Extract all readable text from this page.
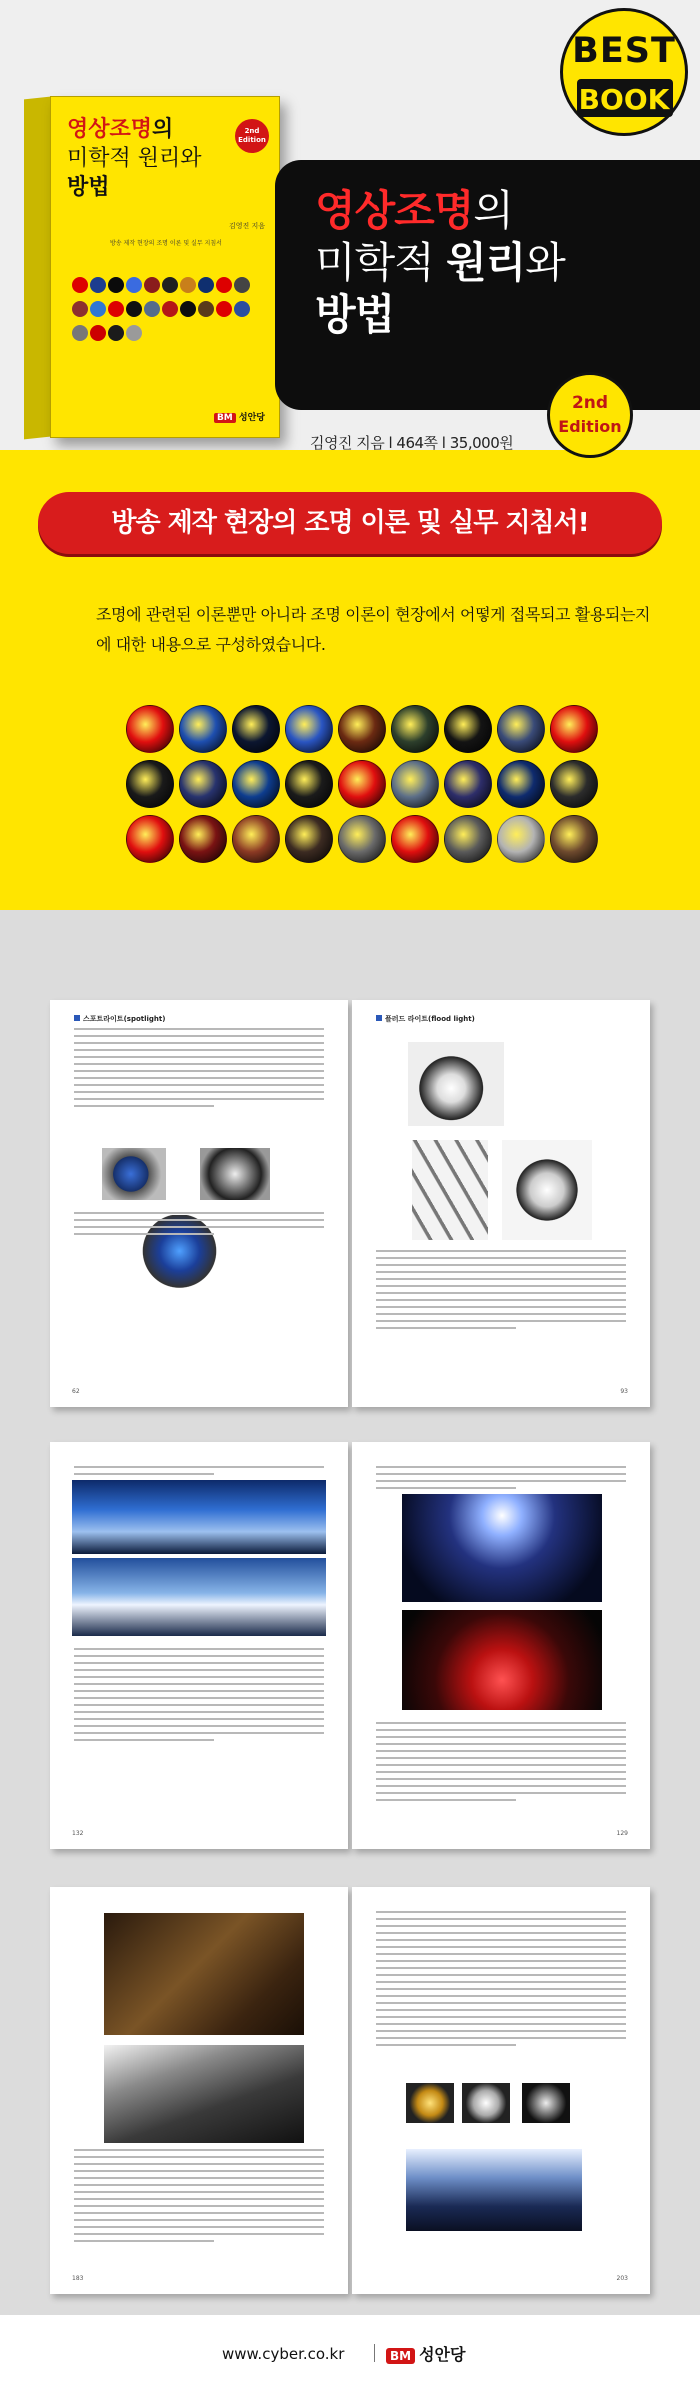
BEST
BOOK
영상조명의
미학적 원리와
방법
2nd Edition
김영진 지음
방송 제작 현장의 조명 이론 및 실무 지침서
BM 성안당
영상조명의
미학적 원리와
방법
김영진 지음 l 464쪽 l 35,000원
2nd
Edition
방송 제작 현장의 조명 이론 및 실무 지침서!
조명에 관련된 이론뿐만 아니라 조명 이론이 현장에서 어떻게 접목되고 활용되는지에 대한 내용으로 구성하였습니다.
스포트라이트(spotlight)
62
플러드 라이트(flood light)
93
132	129
183	203
www.cyber.co.kr	BM 성안당
